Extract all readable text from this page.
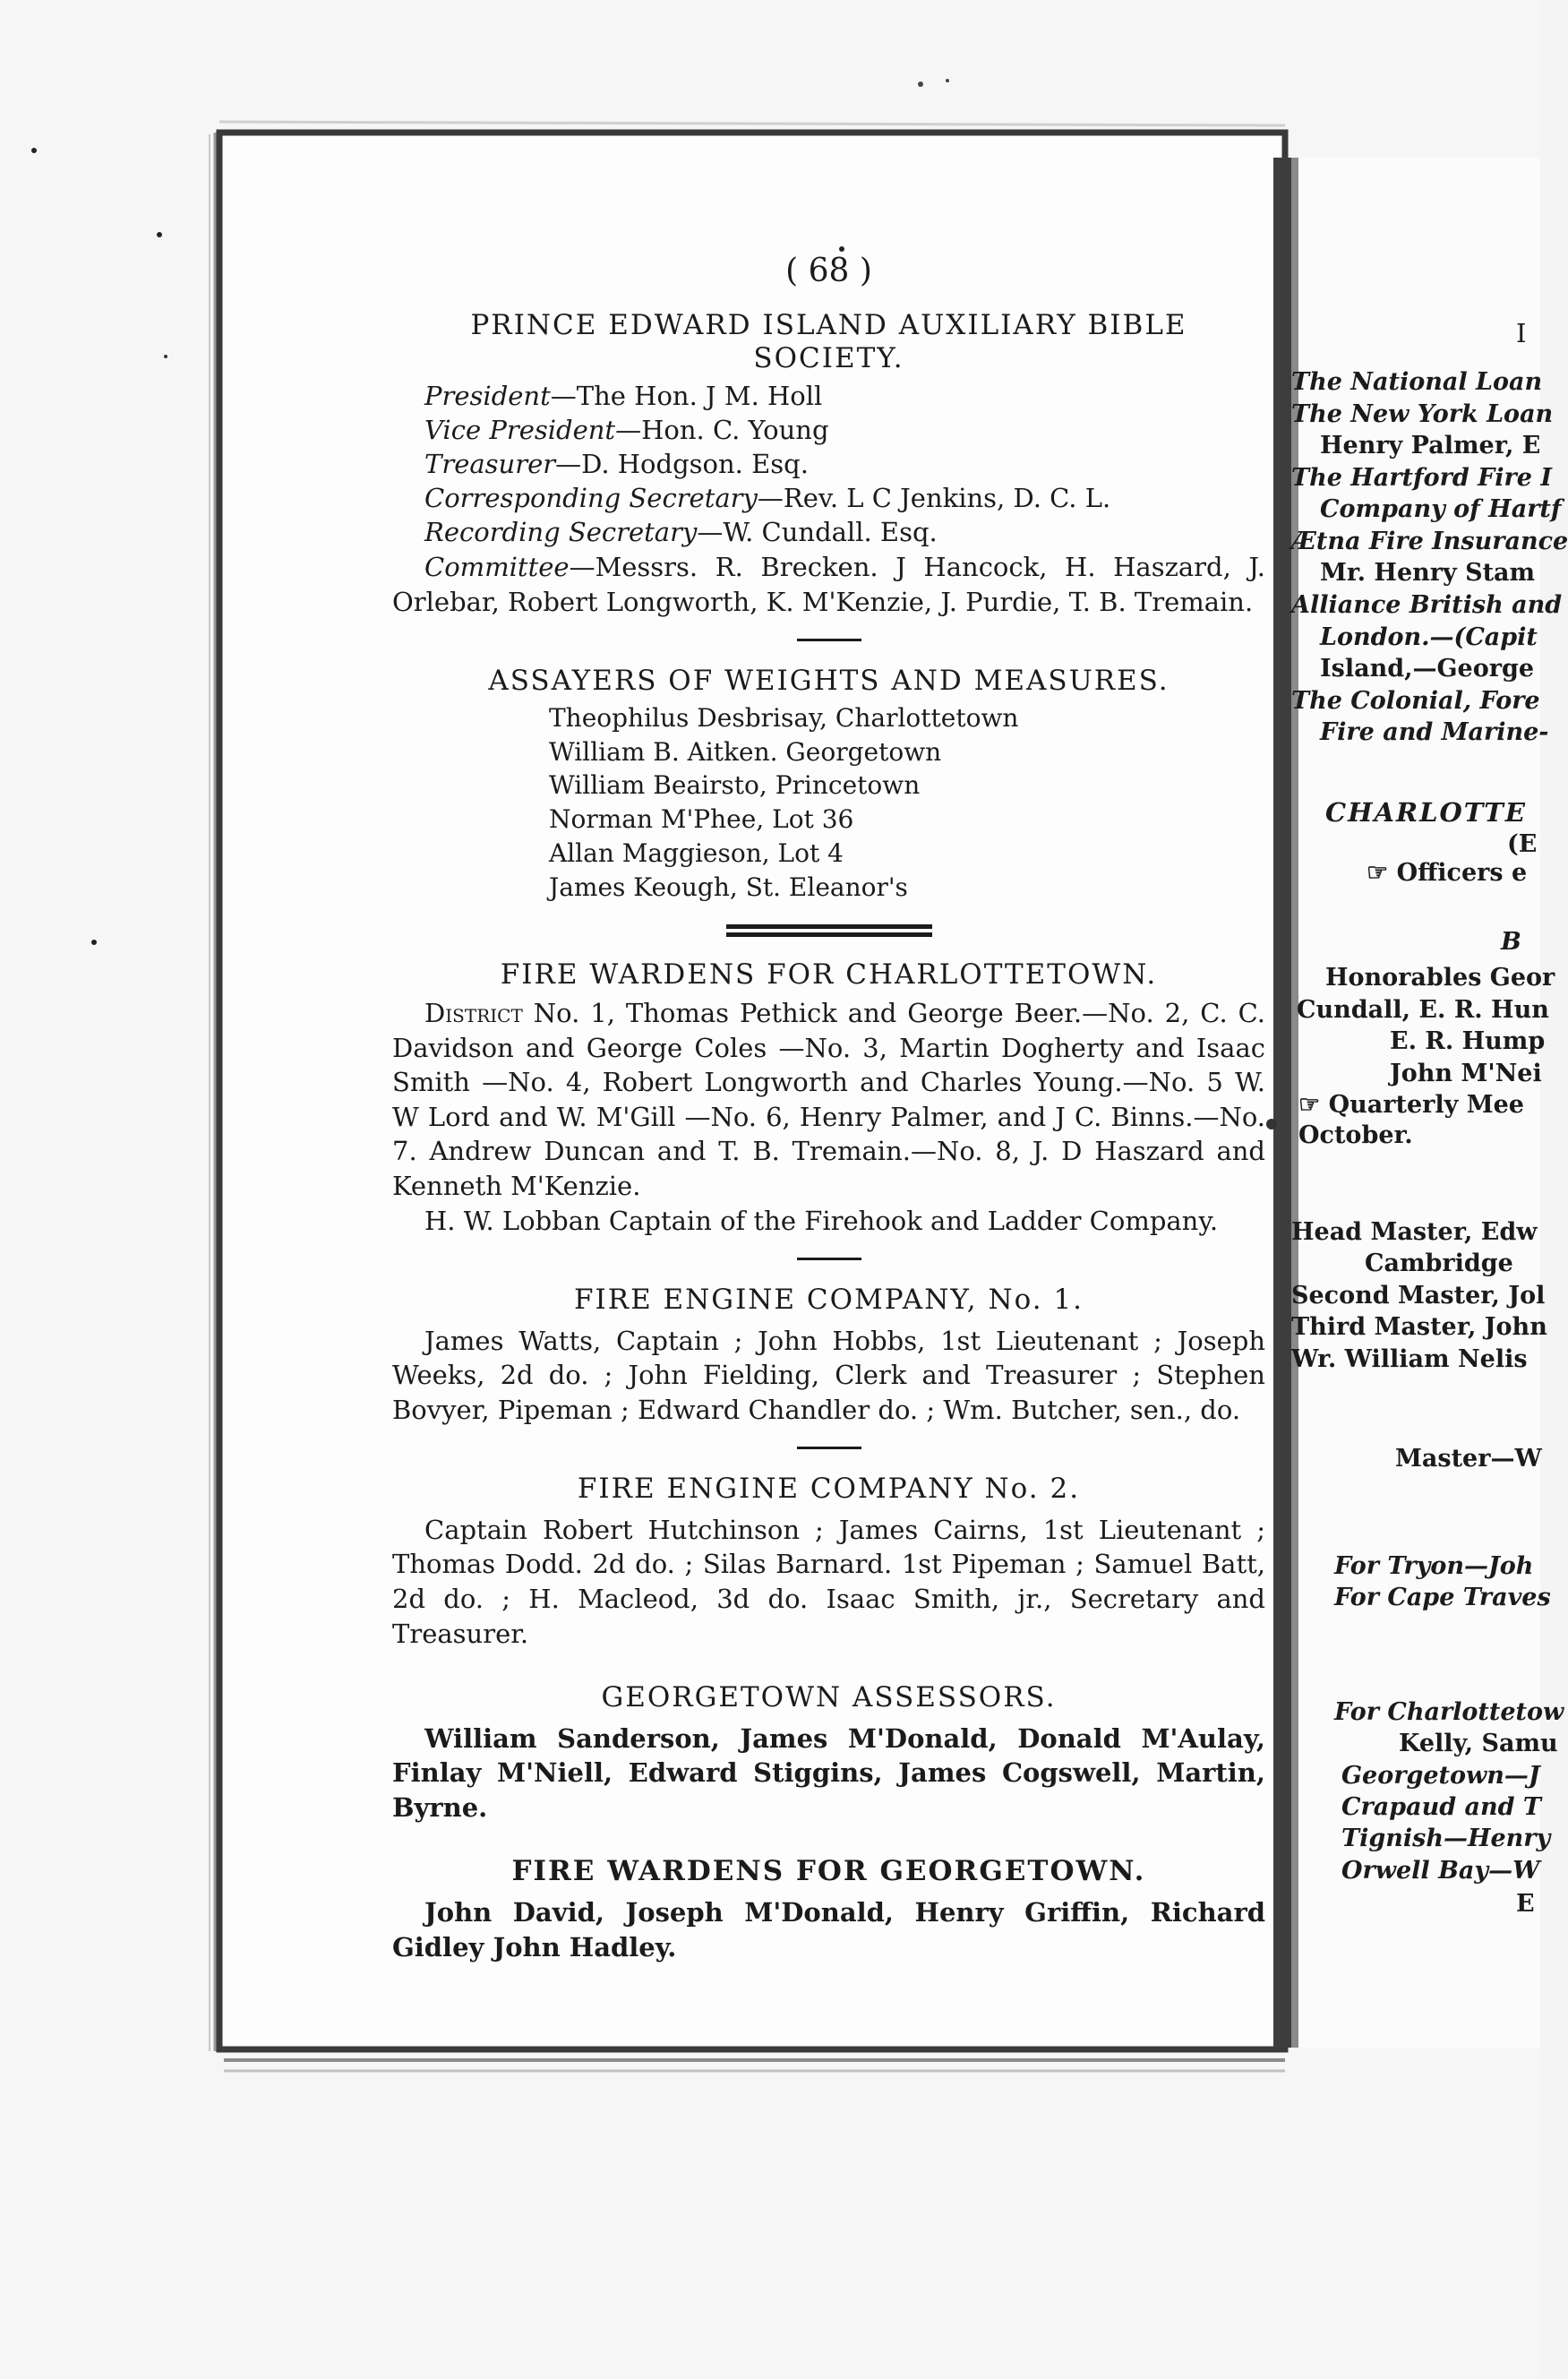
( 68 )
PRINCE EDWARD ISLAND AUXILIARY BIBLE
SOCIETY.
President—The Hon. J M. Holl
Vice President—Hon. C. Young
Treasurer—D. Hodgson. Esq.
Corresponding Secretary—Rev. L C Jenkins, D. C. L.
Recording Secretary—W. Cundall. Esq.
Committee—Messrs. R. Brecken. J Hancock, H. Haszard, J. Orlebar, Robert Longworth, K. M'Kenzie, J. Purdie, T. B. Tremain.
ASSAYERS OF WEIGHTS AND MEASURES.
Theophilus Desbrisay, Charlottetown
William B. Aitken. Georgetown
William Beairsto, Princetown
Norman M'Phee, Lot 36
Allan Maggieson, Lot 4
James Keough, St. Eleanor's
FIRE WARDENS FOR CHARLOTTETOWN.
District No. 1, Thomas Pethick and George Beer.—No. 2, C. C. Davidson and George Coles —No. 3, Martin Dogherty and Isaac Smith —No. 4, Robert Longworth and Charles Young.—No. 5 W. W Lord and W. M'Gill —No. 6, Henry Palmer, and J C. Binns.—No. 7. Andrew Duncan and T. B. Tremain.—No. 8, J. D Haszard and Kenneth M'Kenzie.
H. W. Lobban Captain of the Firehook and Ladder Company.
FIRE ENGINE COMPANY, No. 1.
James Watts, Captain ; John Hobbs, 1st Lieutenant ; Joseph Weeks, 2d do. ; John Fielding, Clerk and Treasurer ; Stephen Bovyer, Pipeman ; Edward Chandler do. ; Wm. Butcher, sen., do.
FIRE ENGINE COMPANY No. 2.
Captain Robert Hutchinson ; James Cairns, 1st Lieutenant ; Thomas Dodd. 2d do. ; Silas Barnard. 1st Pipeman ; Samuel Batt, 2d do. ; H. Macleod, 3d do. Isaac Smith, jr., Secretary and Treasurer.
GEORGETOWN ASSESSORS.
William Sanderson, James M'Donald, Donald M'Aulay, Finlay M'Niell, Edward Stiggins, James Cogswell, Martin, Byrne.
FIRE WARDENS FOR GEORGETOWN.
John David, Joseph M'Donald, Henry Griffin, Richard Gidley John Hadley.
I
The National Loan
The New York Loan
Henry Palmer, E
The Hartford Fire I
Company of Hartf
Ætna Fire Insurance
Mr. Henry Stam
Alliance British and
London.—(Capit
Island,—George
The Colonial, Fore
Fire and Marine-
CHARLOTTE
(E
☞ Officers e
B
Honorables Geor
Cundall, E. R. Hun
E. R. Hump
John M'Nei
☞ Quarterly Mee
October.
Head Master, Edw
Cambridge
Second Master, Jol
Third Master, John
Wr. William Nelis
Master—W
For Tryon—Joh
For Cape Traves
For Charlottetow
Kelly, Samu
Georgetown—J
Crapaud and T
Tignish—Henry
Orwell Bay—W
E
